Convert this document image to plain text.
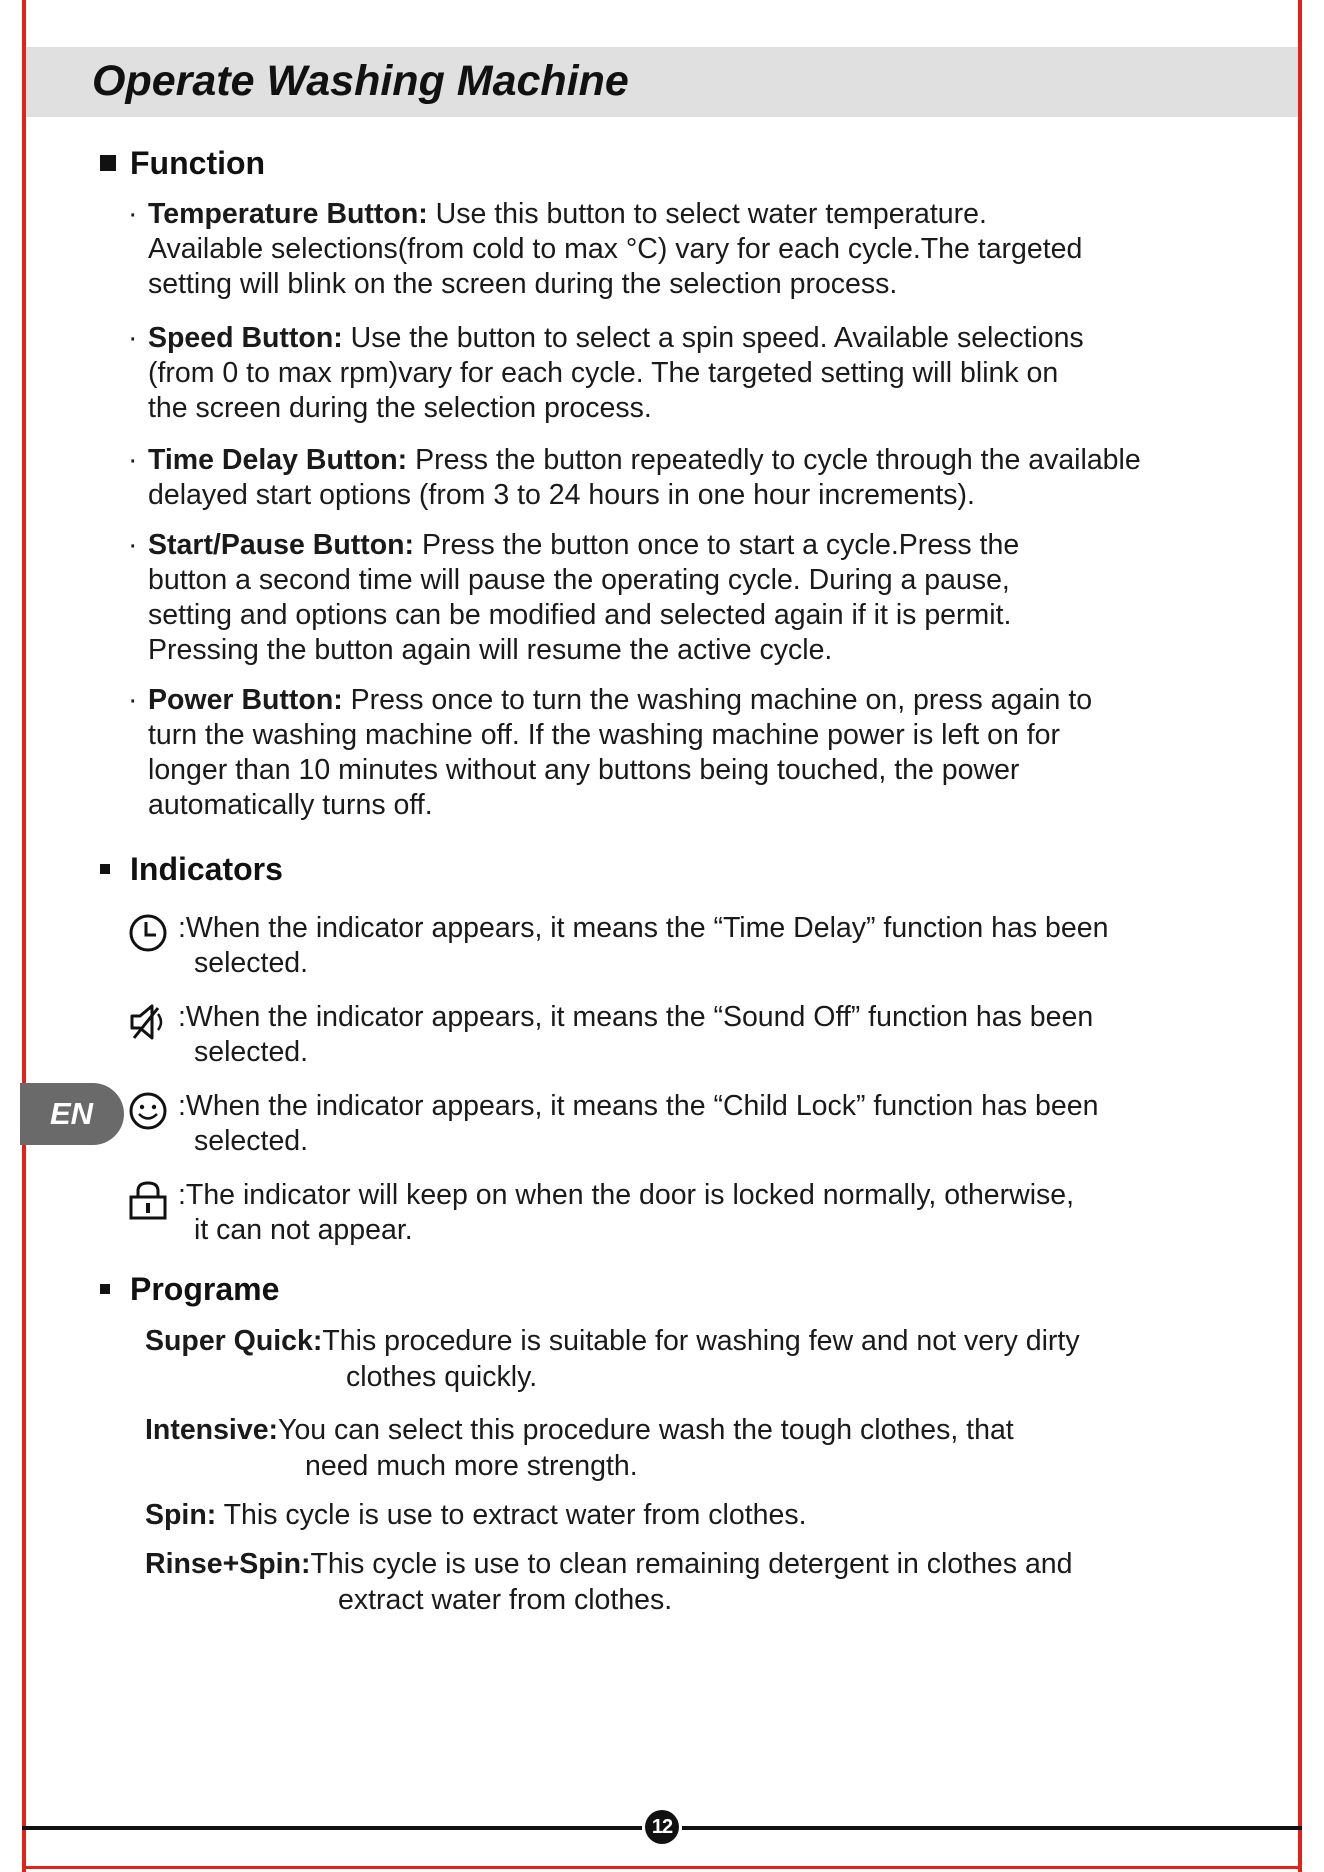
Operate Washing Machine
Function

· Temperature Button: Use this button to select water temperature.
Available selections(from cold to max °C) vary for each cycle.The targeted
setting will blink on the screen during the selection process.

· Speed Button: Use the button to select a spin speed. Available selections
(from 0 to max rpm)vary for each cycle. The targeted setting will blink on
the screen during the selection process.

· Time Delay Button: Press the button repeatedly to cycle through the available
delayed start options (from 3 to 24 hours in one hour increments).

· Start/Pause Button: Press the button once to start a cycle.Press the
button a second time will pause the operating cycle. During a pause,
setting and options can be modified and selected again if it is permit.
Pressing the button again will resume the active cycle.

· Power Button: Press once to turn the washing machine on, press again to
turn the washing machine off. If the washing machine power is left on for
longer than 10 minutes without any buttons being touched, the power
automatically turns off.

Indicators
:When the indicator appears, it means the “Time Delay” function has been
selected.
:When the indicator appears, it means the “Sound Off” function has been
selected.
:When the indicator appears, it means the “Child Lock” function has been
selected.
:The indicator will keep on when the door is locked normally, otherwise,
it can not appear.
EN
Programe

Super Quick:This procedure is suitable for washing few and not very dirty
clothes quickly.

Intensive:You can select this procedure wash the tough clothes, that
need much more strength.

Spin: This cycle is use to extract water from clothes.

Rinse+Spin:This cycle is use to clean remaining detergent in clothes and
extract water from clothes.

12
